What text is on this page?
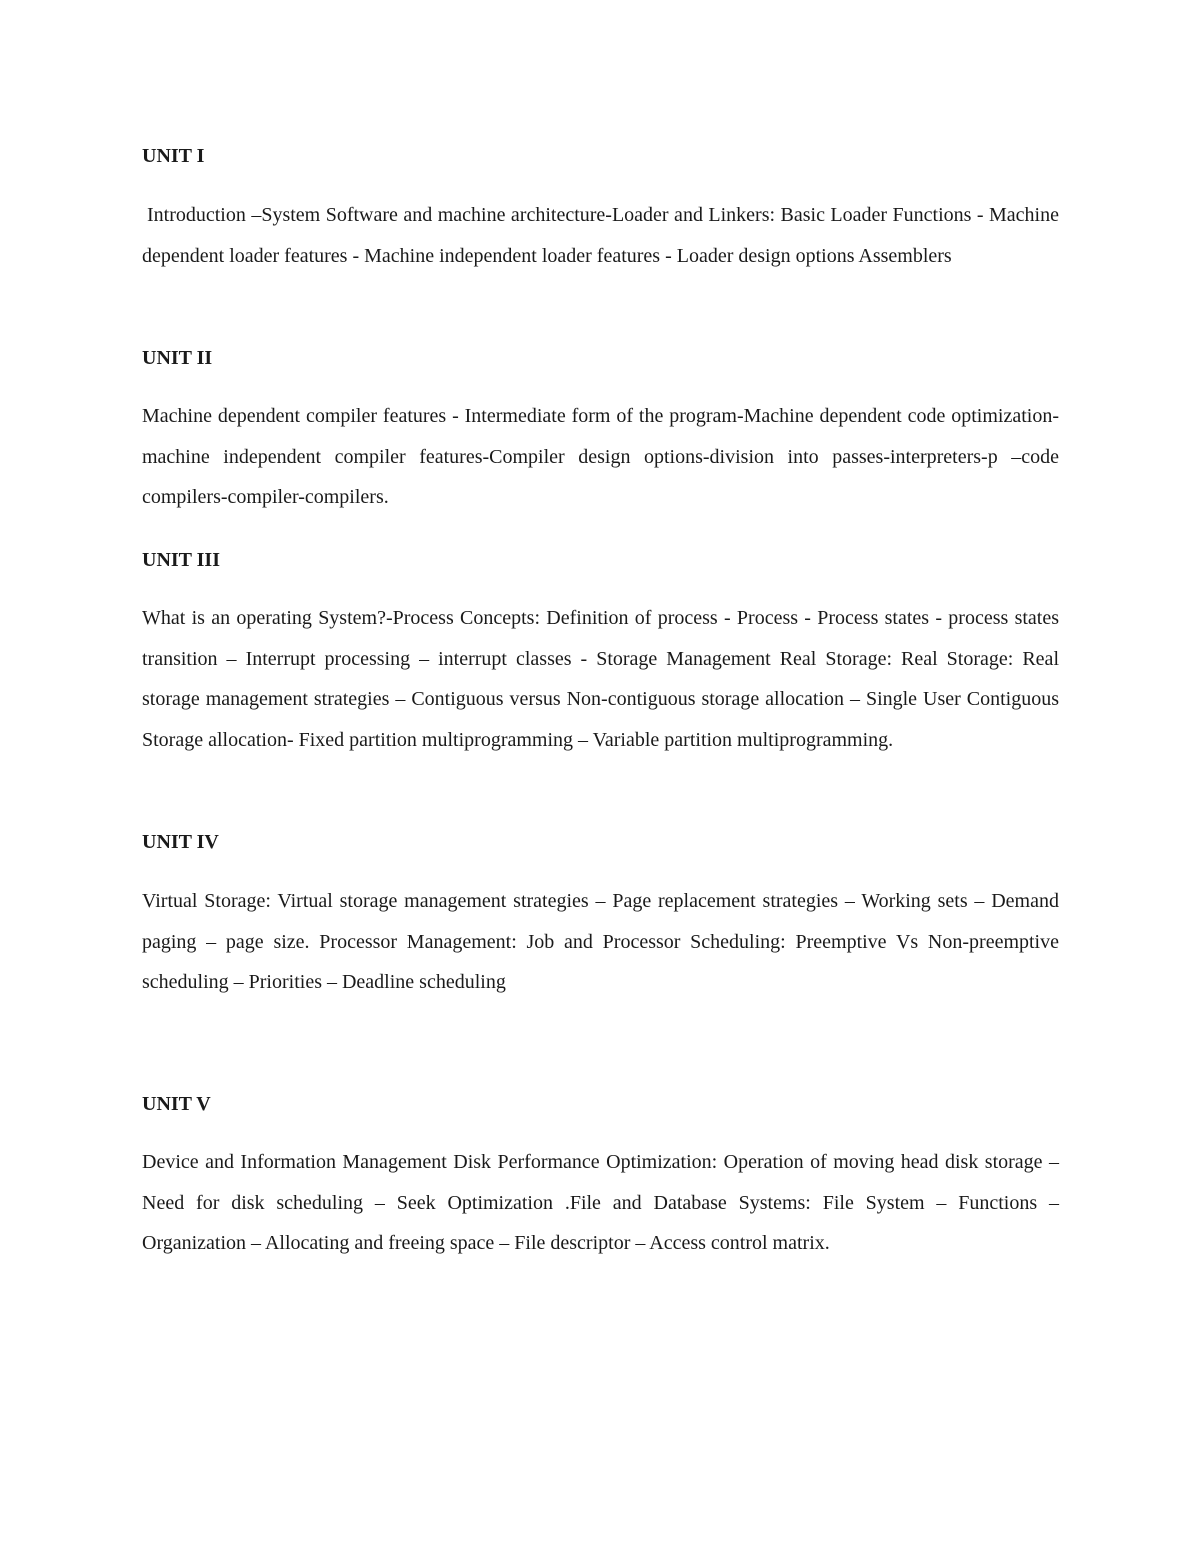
UNIT I

Introduction –System Software and machine architecture-Loader and Linkers: Basic Loader Functions - Machine dependent loader features - Machine independent loader features - Loader design options Assemblers

UNIT II

Machine dependent compiler features - Intermediate form of the program-Machine dependent code optimization-machine independent compiler features-Compiler design options-division into passes-interpreters-p –code compilers-compiler-compilers.

UNIT III

What is an operating System?-Process Concepts: Definition of process - Process - Process states - process states transition – Interrupt processing – interrupt classes - Storage Management Real Storage: Real Storage: Real storage management strategies – Contiguous versus Non-contiguous storage allocation – Single User Contiguous Storage allocation- Fixed partition multiprogramming – Variable partition multiprogramming.

UNIT IV

Virtual Storage: Virtual storage management strategies – Page replacement strategies – Working sets – Demand paging – page size. Processor Management: Job and Processor Scheduling: Preemptive Vs Non-preemptive scheduling – Priorities – Deadline scheduling

UNIT V

Device and Information Management Disk Performance Optimization: Operation of moving head disk storage – Need for disk scheduling – Seek Optimization .File and Database Systems: File System – Functions – Organization – Allocating and freeing space – File descriptor – Access control matrix.
